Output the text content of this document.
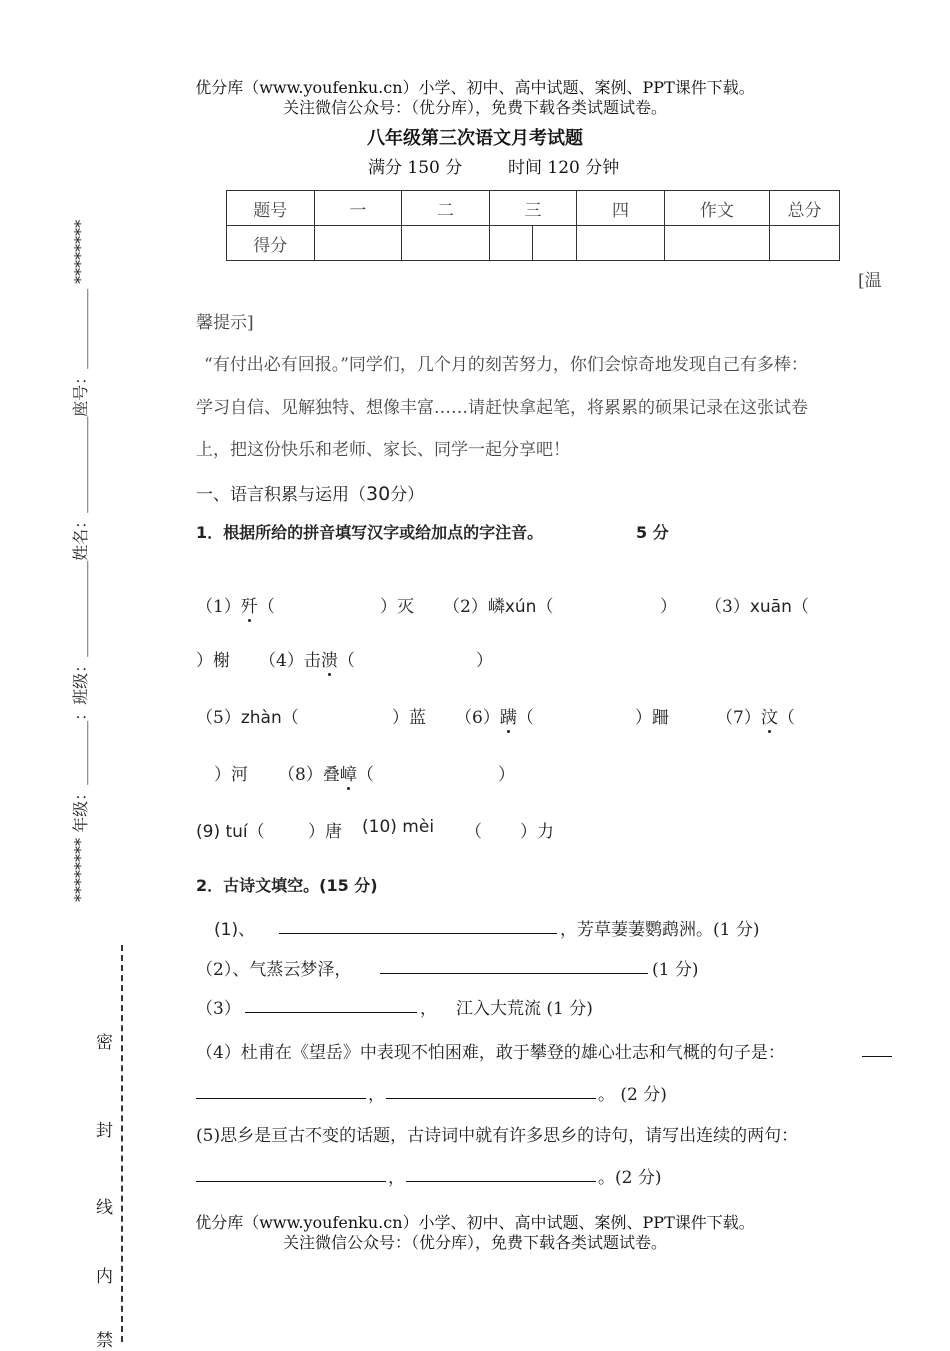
优分库（www.youfenku.cn）小学、初中、高中试题、案例、PPT课件下载。
关注微信公众号：（优分库），免费下载各类试题试卷。
八年级第三次语文月考试题
满分 150 分	时间 120 分钟
题号	一	二	三		四	作文	总分
得分							
[温
馨提示]
“有付出必有回报。”同学们，几个月的刻苦努力，你们会惊奇地发现自己有多棒：
学习自信、见解独特、想像丰富……请赶快拿起笔，将累累的硕果记录在这张试卷
上，把这份快乐和老师、家长、同学一起分享吧！
一、语言积累与运用（30分）
1．根据所给的拼音填写汉字或给加点的字注音。	5 分
（1）歼（	）灭 （2）嶙xún（	） （3）xuān（
）榭 （4）击溃（	）
（5）zhàn（	）蓝 （6）蹒（	）跚	（7）汶（
）河 （8）叠嶂（	）
(9) tuí（	）唐 (10) mèi （ ）力
2．古诗文填空。(15 分)
(1)、	，芳草萋萋鹦鹉洲。(1 分)
（2）、气蒸云梦泽，	(1 分)
（3）	， 江入大荒流 (1 分)
（4）杜甫在《望岳》中表现不怕困难，敢于攀登的雄心壮志和气概的句子是：
，	。 (2 分)
(5)思乡是亘古不变的话题，古诗词中就有许多思乡的诗句，请写出连续的两句：
，	。(2 分)
优分库（www.youfenku.cn）小学、初中、高中试题、案例、PPT课件下载。
关注微信公众号：（优分库），免费下载各类试题试卷。
******** 年级：＿＿＿＿：班级：＿＿＿＿＿＿姓名：＿＿＿＿＿＿座号：＿＿＿＿＿ ********
密
封
线
内
禁
